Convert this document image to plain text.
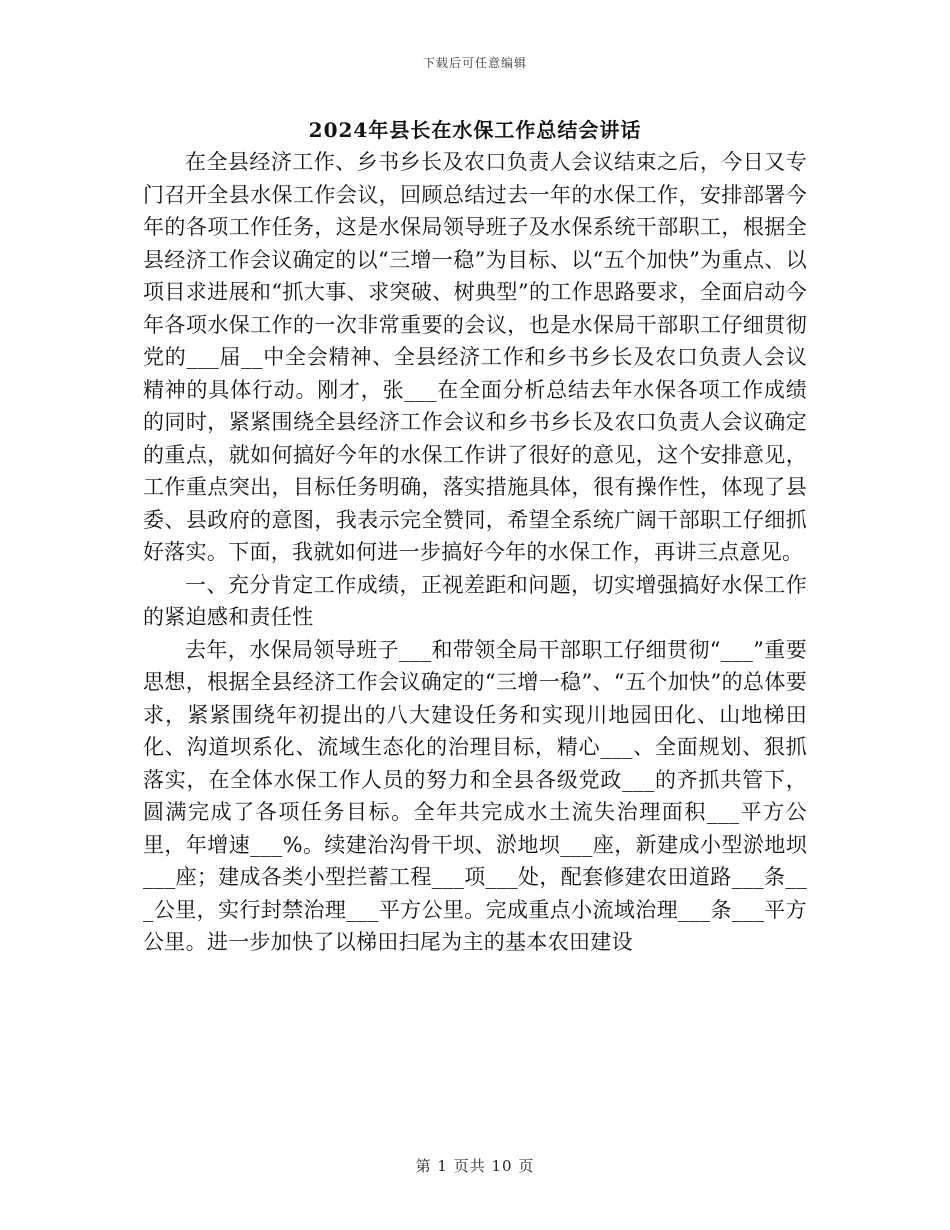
下载后可任意编辑
2024年县长在水保工作总结会讲话

在全县经济工作、乡书乡长及农口负责人会议结束之后，今日又专门召开全县水保工作会议，回顾总结过去一年的水保工作，安排部署今年的各项工作任务，这是水保局领导班子及水保系统干部职工，根据全县经济工作会议确定的以“三增一稳”为目标、以“五个加快”为重点、以项目求进展和“抓大事、求突破、树典型”的工作思路要求，全面启动今年各项水保工作的一次非常重要的会议，也是水保局干部职工仔细贯彻党的___届__中全会精神、全县经济工作和乡书乡长及农口负责人会议精神的具体行动。刚才，张___在全面分析总结去年水保各项工作成绩的同时，紧紧围绕全县经济工作会议和乡书乡长及农口负责人会议确定的重点，就如何搞好今年的水保工作讲了很好的意见，这个安排意见，工作重点突出，目标任务明确，落实措施具体，很有操作性，体现了县委、县政府的意图，我表示完全赞同，希望全系统广阔干部职工仔细抓好落实。下面，我就如何进一步搞好今年的水保工作，再讲三点意见。

一、充分肯定工作成绩，正视差距和问题，切实增强搞好水保工作的紧迫感和责任性

去年，水保局领导班子___和带领全局干部职工仔细贯彻“___”重要思想，根据全县经济工作会议确定的“三增一稳”、“五个加快”的总体要求，紧紧围绕年初提出的八大建设任务和实现川地园田化、山地梯田化、沟道坝系化、流域生态化的治理目标，精心___、全面规划、狠抓落实，在全体水保工作人员的努力和全县各级党政___的齐抓共管下，圆满完成了各项任务目标。全年共完成水土流失治理面积___平方公里，年增速___%。续建治沟骨干坝、淤地坝___座，新建成小型淤地坝___座；建成各类小型拦蓄工程___项___处，配套修建农田道路___条___公里，实行封禁治理___平方公里。完成重点小流域治理___条___平方公里。进一步加快了以梯田扫尾为主的基本农田建设

第 1 页共 10 页
